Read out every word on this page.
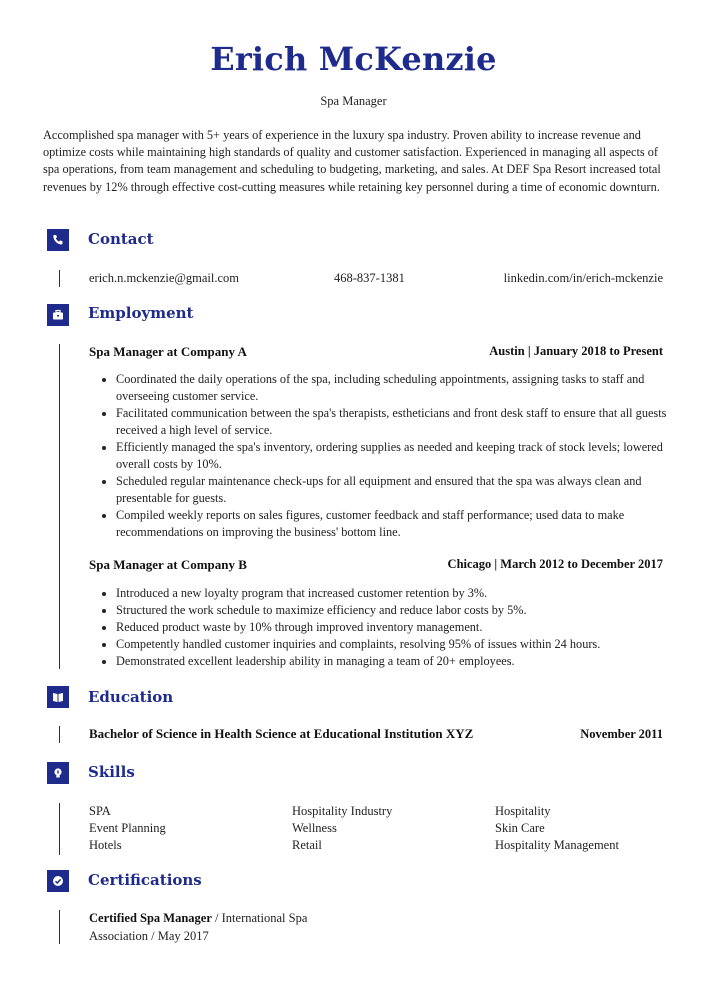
Erich McKenzie
Spa Manager
Accomplished spa manager with 5+ years of experience in the luxury spa industry. Proven ability to increase revenue and optimize costs while maintaining high standards of quality and customer satisfaction. Experienced in managing all aspects of spa operations, from team management and scheduling to budgeting, marketing, and sales. At DEF Spa Resort increased total revenues by 12% through effective cost-cutting measures while retaining key personnel during a time of economic downturn.
Contact
erich.n.mckenzie@gmail.com	468-837-1381	linkedin.com/in/erich-mckenzie
Employment
Spa Manager at Company A	Austin | January 2018 to Present
• Coordinated the daily operations of the spa, including scheduling appointments, assigning tasks to staff and overseeing customer service.
• Facilitated communication between the spa's therapists, estheticians and front desk staff to ensure that all guests received a high level of service.
• Efficiently managed the spa's inventory, ordering supplies as needed and keeping track of stock levels; lowered overall costs by 10%.
• Scheduled regular maintenance check-ups for all equipment and ensured that the spa was always clean and presentable for guests.
• Compiled weekly reports on sales figures, customer feedback and staff performance; used data to make recommendations on improving the business' bottom line.
Spa Manager at Company B	Chicago | March 2012 to December 2017
• Introduced a new loyalty program that increased customer retention by 3%.
• Structured the work schedule to maximize efficiency and reduce labor costs by 5%.
• Reduced product waste by 10% through improved inventory management.
• Competently handled customer inquiries and complaints, resolving 95% of issues within 24 hours.
• Demonstrated excellent leadership ability in managing a team of 20+ employees.
Education
Bachelor of Science in Health Science at Educational Institution XYZ	November 2011
Skills
SPA	Hospitality Industry	Hospitality
Event Planning	Wellness	Skin Care
Hotels	Retail	Hospitality Management
Certifications
Certified Spa Manager / International Spa Association / May 2017
